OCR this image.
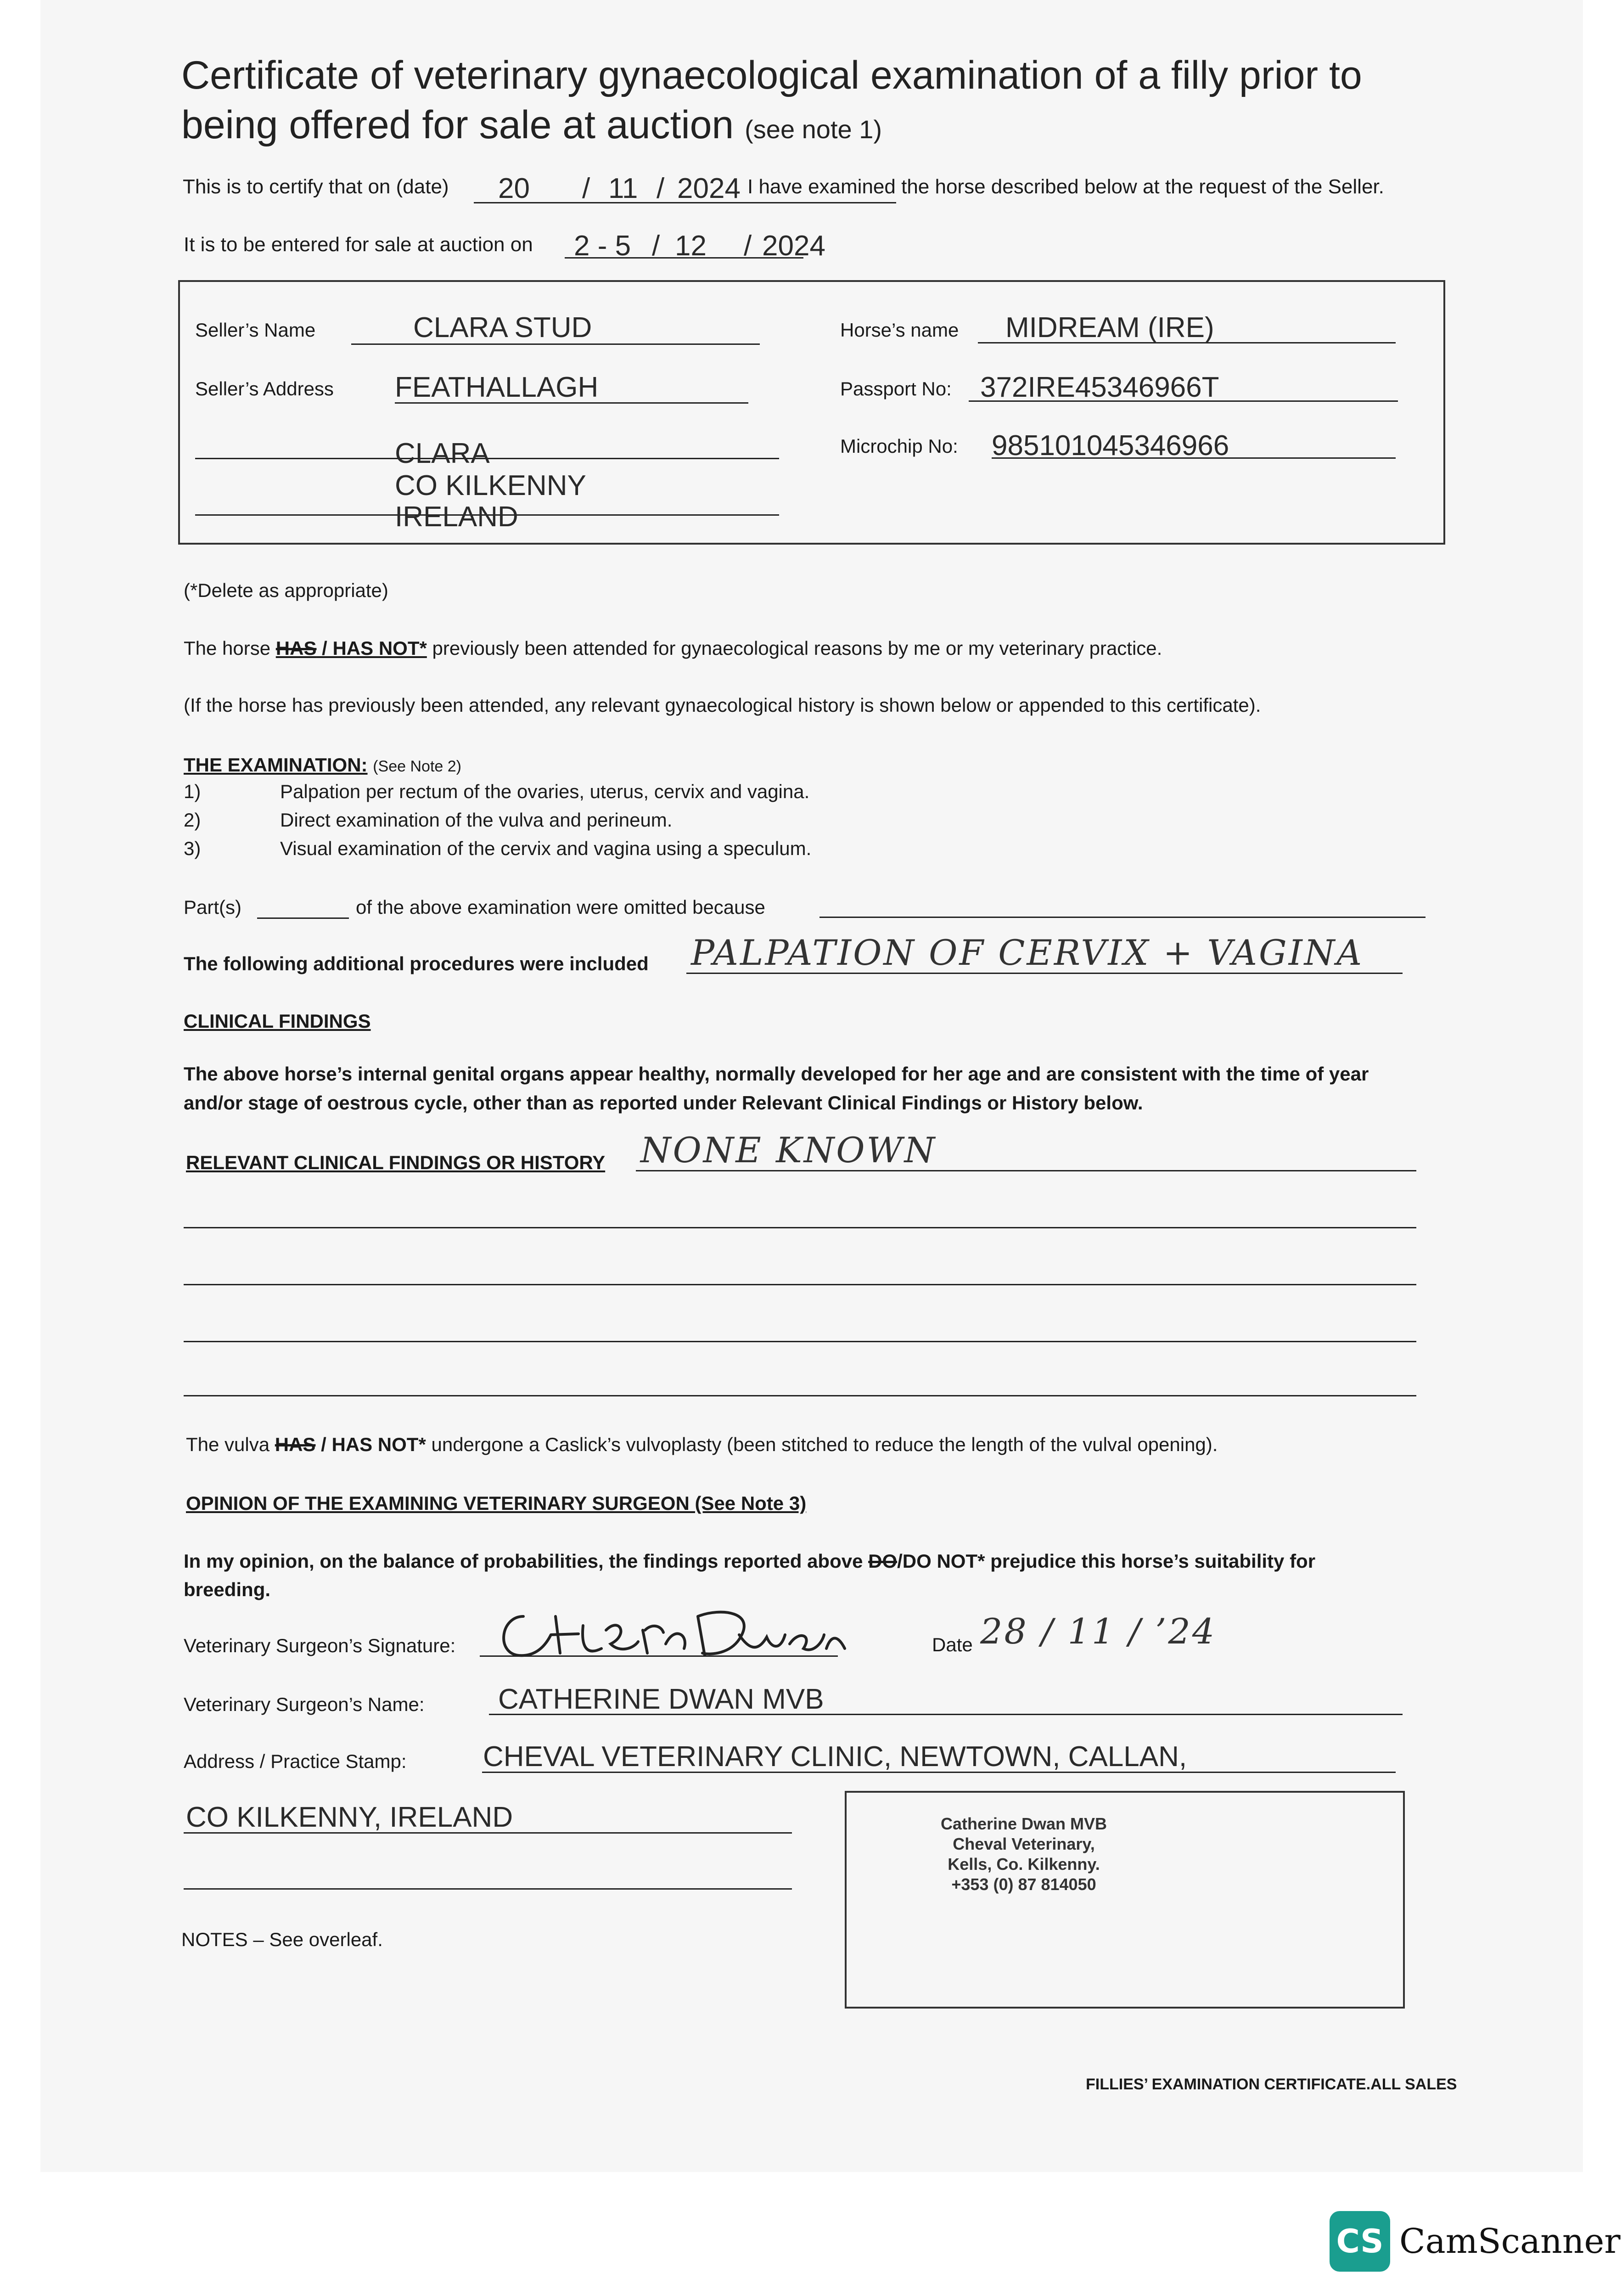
Certificate of veterinary gynaecological examination of a filly prior to
being offered for sale at auction (see note 1)
This is to certify that on (date) 20 / 11 / 2024 I have examined the horse described below at the request of the Seller.
It is to be entered for sale at auction on 2 - 5 / 12 / 2024
Seller’s Name	CLARA STUD
Seller’s Address FEATHALLAGH
CLARA
CO KILKENNY
IRELAND
Horse’s name MIDREAM (IRE)
Passport No: 372IRE45346966T
Microchip No: 985101045346966
(*Delete as appropriate)
The horse HAS / HAS NOT* previously been attended for gynaecological reasons by me or my veterinary practice.
(If the horse has previously been attended, any relevant gynaecological history is shown below or appended to this certificate).
THE EXAMINATION: (See Note 2)
1)	Palpation per rectum of the ovaries, uterus, cervix and vagina.
2)	Direct examination of the vulva and perineum.
3)	Visual examination of the cervix and vagina using a speculum.
Part(s)	of the above examination were omitted because
The following additional procedures were included PALPATION OF CERVIX + VAGINA
CLINICAL FINDINGS
The above horse’s internal genital organs appear healthy, normally developed for her age and are consistent with the time of year
and/or stage of oestrous cycle, other than as reported under Relevant Clinical Findings or History below.
RELEVANT CLINICAL FINDINGS OR HISTORY NONE KNOWN
The vulva HAS / HAS NOT* undergone a Caslick’s vulvoplasty (been stitched to reduce the length of the vulval opening).
OPINION OF THE EXAMINING VETERINARY SURGEON (See Note 3)
In my opinion, on the balance of probabilities, the findings reported above DO/DO NOT* prejudice this horse’s suitability for
breeding.
Veterinary Surgeon’s Signature:	Date 28 / 11 / ’24
Veterinary Surgeon’s Name:	CATHERINE DWAN MVB
Address / Practice Stamp:	CHEVAL VETERINARY CLINIC, NEWTOWN, CALLAN,
CO KILKENNY, IRELAND	Catherine Dwan MVB
Cheval Veterinary,
Kells, Co. Kilkenny.
+353 (0) 87 814050
NOTES – See overleaf.
FILLIES’ EXAMINATION CERTIFICATE.ALL SALES
CS CamScanner
